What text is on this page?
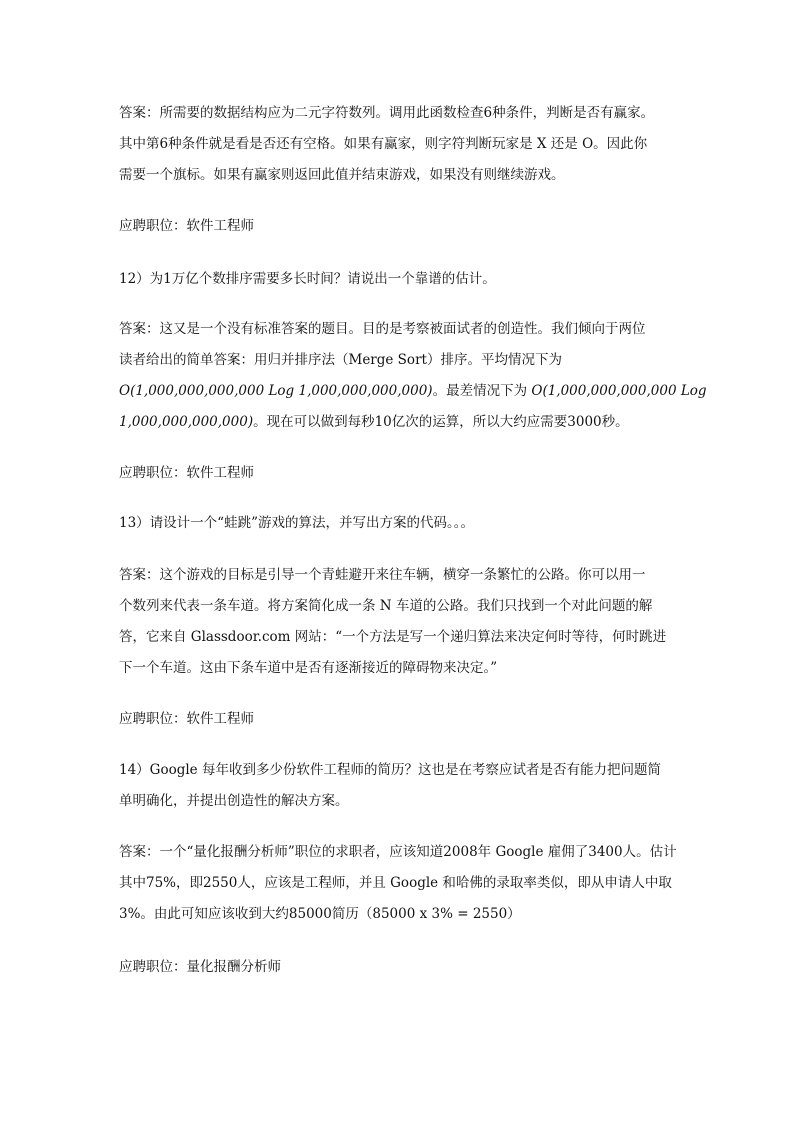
答案：所需要的数据结构应为二元字符数列。调用此函数检查6种条件，判断是否有赢家。
其中第6种条件就是看是否还有空格。如果有赢家，则字符判断玩家是 X 还是 O。因此你
需要一个旗标。如果有赢家则返回此值并结束游戏，如果没有则继续游戏。

应聘职位：软件工程师

12）为1万亿个数排序需要多长时间？请说出一个靠谱的估计。

答案：这又是一个没有标准答案的题目。目的是考察被面试者的创造性。我们倾向于两位
读者给出的简单答案：用归并排序法（Merge Sort）排序。平均情况下为
O(1,000,000,000,000 Log 1,000,000,000,000)。最差情况下为 O(1,000,000,000,000 Log
1,000,000,000,000)。现在可以做到每秒10亿次的运算，所以大约应需要3000秒。

应聘职位：软件工程师

13）请设计一个“蛙跳”游戏的算法，并写出方案的代码。。。

答案：这个游戏的目标是引导一个青蛙避开来往车辆，横穿一条繁忙的公路。你可以用一
个数列来代表一条车道。将方案简化成一条 N 车道的公路。我们只找到一个对此问题的解
答，它来自 Glassdoor.com 网站：“一个方法是写一个递归算法来决定何时等待，何时跳进
下一个车道。这由下条车道中是否有逐渐接近的障碍物来决定。”

应聘职位：软件工程师

14）Google 每年收到多少份软件工程师的简历？这也是在考察应试者是否有能力把问题简
单明确化，并提出创造性的解决方案。

答案：一个“量化报酬分析师”职位的求职者，应该知道2008年 Google 雇佣了3400人。估计
其中75%，即2550人，应该是工程师，并且 Google 和哈佛的录取率类似，即从申请人中取
3%。由此可知应该收到大约85000简历（85000 x 3% = 2550）

应聘职位：量化报酬分析师
